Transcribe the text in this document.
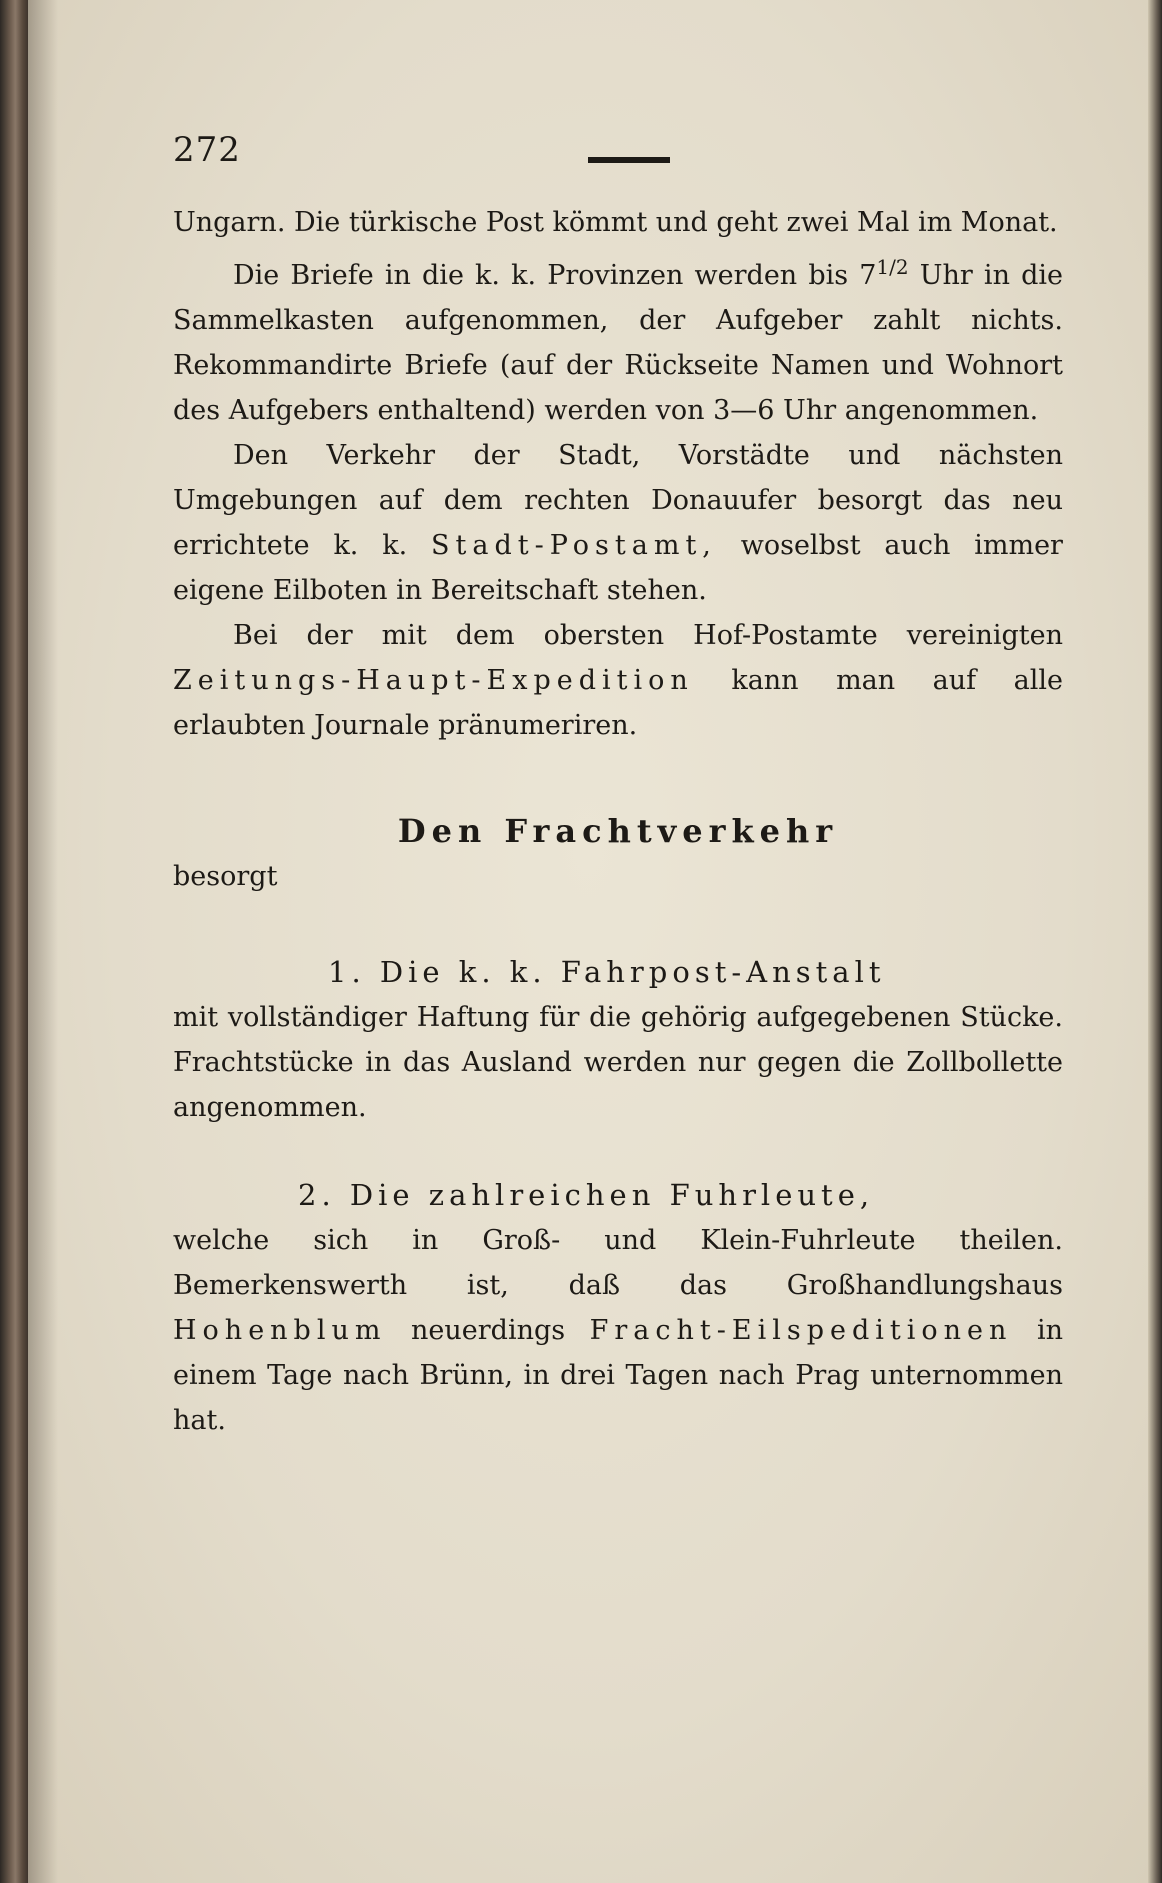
272

Ungarn. Die türkische Post kömmt und geht zwei Mal im Monat.

Die Briefe in die k. k. Provinzen werden bis $7^{1/2}$ Uhr in die Sammelkasten aufgenommen, der Aufgeber zahlt nichts. Rekommandirte Briefe (auf der Rückseite Namen und Wohnort des Aufgebers enthaltend) werden von 3—6 Uhr angenommen.

Den Verkehr der Stadt, Vorstädte und nächsten Umgebungen auf dem rechten Donauufer besorgt das neu errichtete k. k. Stadt-Postamt, woselbst auch immer eigene Eilboten in Bereitschaft stehen.

Bei der mit dem obersten Hof-Postamte vereinigten Zeitungs-Haupt-Expedition kann man auf alle erlaubten Journale pränumeriren.

Den Frachtverkehr

besorgt

1. Die k. k. Fahrpost-Anstalt

mit vollständiger Haftung für die gehörig aufgegebenen Stücke. Frachtstücke in das Ausland werden nur gegen die Zollbollette angenommen.

2. Die zahlreichen Fuhrleute,

welche sich in Groß- und Klein-Fuhrleute theilen. Bemerkenswerth ist, daß das Großhandlungshaus Hohenblum neuerdings Fracht-Eilspeditionen in einem Tage nach Brünn, in drei Tagen nach Prag unternommen hat.
